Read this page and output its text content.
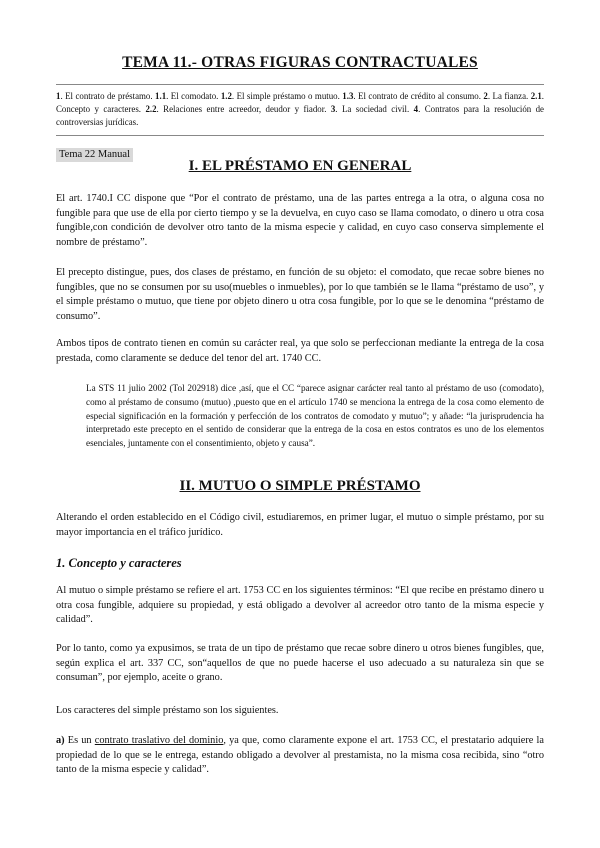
TEMA 11.- OTRAS FIGURAS CONTRACTUALES

1. El contrato de préstamo. 1.1. El comodato. 1.2. El simple préstamo o mutuo. 1.3. El contrato de crédito al consumo. 2. La fianza. 2.1. Concepto y caracteres. 2.2. Relaciones entre acreedor, deudor y fiador. 3. La sociedad civil. 4. Contratos para la resolución de controversias jurídicas.

Tema 22 Manual
I. EL PRÉSTAMO EN GENERAL

El art. 1740.I CC dispone que “Por el contrato de préstamo, una de las partes entrega a la otra, o alguna cosa no fungible para que use de ella por cierto tiempo y se la devuelva, en cuyo caso se llama comodato, o dinero u otra cosa fungible,con condición de devolver otro tanto de la misma especie y calidad, en cuyo caso conserva simplemente el nombre de préstamo”.

El precepto distingue, pues, dos clases de préstamo, en función de su objeto: el comodato, que recae sobre bienes no fungibles, que no se consumen por su uso(muebles o inmuebles), por lo que también se le llama “préstamo de uso”, y el simple préstamo o mutuo, que tiene por objeto dinero u otra cosa fungible, por lo que se le denomina “préstamo de consumo”.

Ambos tipos de contrato tienen en común su carácter real, ya que solo se perfeccionan mediante la entrega de la cosa prestada, como claramente se deduce del tenor del art. 1740 CC.

La STS 11 julio 2002 (Tol 202918) dice ,así, que el CC “parece asignar carácter real tanto al préstamo de uso (comodato), como al préstamo de consumo (mutuo) ,puesto que en el artículo 1740 se menciona la entrega de la cosa como elemento de especial significación en la formación y perfección de los contratos de comodato y mutuo”; y añade: “la jurisprudencia ha interpretado este precepto en el sentido de considerar que la entrega de la cosa en estos contratos es uno de los elementos esenciales, juntamente con el consentimiento, objeto y causa”.

II. MUTUO O SIMPLE PRÉSTAMO

Alterando el orden establecido en el Código civil, estudiaremos, en primer lugar, el mutuo o simple préstamo, por su mayor importancia en el tráfico jurídico.

1. Concepto y caracteres

Al mutuo o simple préstamo se refiere el art. 1753 CC en los siguientes términos: “El que recibe en préstamo dinero u otra cosa fungible, adquiere su propiedad, y está obligado a devolver al acreedor otro tanto de la misma especie y calidad”.

Por lo tanto, como ya expusimos, se trata de un tipo de préstamo que recae sobre dinero u otros bienes fungibles, que, según explica el art. 337 CC, son“aquellos de que no puede hacerse el uso adecuado a su naturaleza sin que se consuman”, por ejemplo, aceite o grano.

Los caracteres del simple préstamo son los siguientes.

a) Es un contrato traslativo del dominio, ya que, como claramente expone el art. 1753 CC, el prestatario adquiere la propiedad de lo que se le entrega, estando obligado a devolver al prestamista, no la misma cosa recibida, sino “otro tanto de la misma especie y calidad”.
